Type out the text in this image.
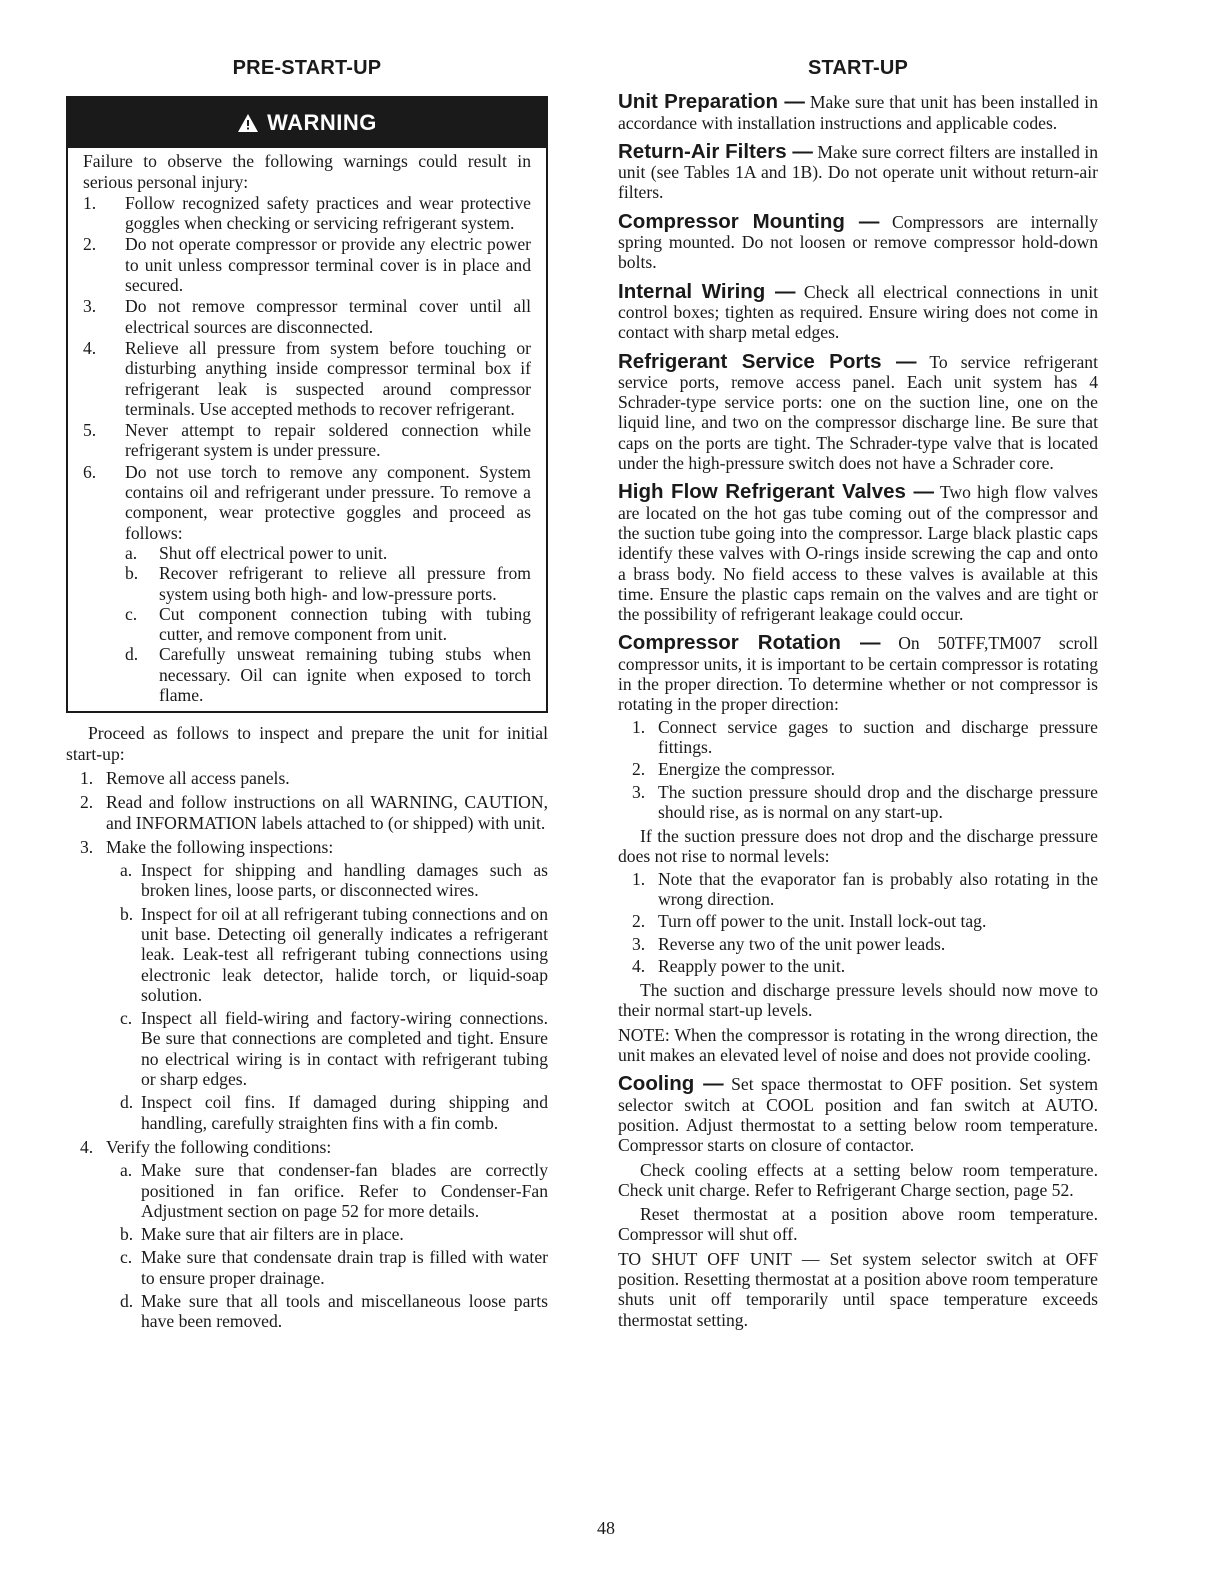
PRE-START-UP
WARNING

Failure to observe the following warnings could result in serious personal injury:

1. Follow recognized safety practices and wear protective goggles when checking or servicing refrigerant system.
2. Do not operate compressor or provide any electric power to unit unless compressor terminal cover is in place and secured.
3. Do not remove compressor terminal cover until all electrical sources are disconnected.
4. Relieve all pressure from system before touching or disturbing anything inside compressor terminal box if refrigerant leak is suspected around compressor terminals. Use accepted methods to recover refrigerant.
5. Never attempt to repair soldered connection while refrigerant system is under pressure.
6. Do not use torch to remove any component. System contains oil and refrigerant under pressure. To remove a component, wear protective goggles and proceed as follows:
a. Shut off electrical power to unit.
b. Recover refrigerant to relieve all pressure from system using both high- and low-pressure ports.
c. Cut component connection tubing with tubing cutter, and remove component from unit.
d. Carefully unsweat remaining tubing stubs when necessary. Oil can ignite when exposed to torch flame.

Proceed as follows to inspect and prepare the unit for initial start-up:

1. Remove all access panels.
2. Read and follow instructions on all WARNING, CAUTION, and INFORMATION labels attached to (or shipped) with unit.
3. Make the following inspections:
a. Inspect for shipping and handling damages such as broken lines, loose parts, or disconnected wires.
b. Inspect for oil at all refrigerant tubing connections and on unit base. Detecting oil generally indicates a refrigerant leak. Leak-test all refrigerant tubing connections using electronic leak detector, halide torch, or liquid-soap solution.
c. Inspect all field-wiring and factory-wiring connections. Be sure that connections are completed and tight. Ensure no electrical wiring is in contact with refrigerant tubing or sharp edges.
d. Inspect coil fins. If damaged during shipping and handling, carefully straighten fins with a fin comb.
4. Verify the following conditions:
a. Make sure that condenser-fan blades are correctly positioned in fan orifice. Refer to Condenser-Fan Adjustment section on page 52 for more details.
b. Make sure that air filters are in place.
c. Make sure that condensate drain trap is filled with water to ensure proper drainage.
d. Make sure that all tools and miscellaneous loose parts have been removed.
START-UP

Unit Preparation — Make sure that unit has been installed in accordance with installation instructions and applicable codes.

Return-Air Filters — Make sure correct filters are installed in unit (see Tables 1A and 1B). Do not operate unit without return-air filters.

Compressor Mounting — Compressors are internally spring mounted. Do not loosen or remove compressor hold-down bolts.

Internal Wiring — Check all electrical connections in unit control boxes; tighten as required. Ensure wiring does not come in contact with sharp metal edges.

Refrigerant Service Ports — To service refrigerant service ports, remove access panel. Each unit system has 4 Schrader-type service ports: one on the suction line, one on the liquid line, and two on the compressor discharge line. Be sure that caps on the ports are tight. The Schrader-type valve that is located under the high-pressure switch does not have a Schrader core.

High Flow Refrigerant Valves — Two high flow valves are located on the hot gas tube coming out of the compressor and the suction tube going into the compressor. Large black plastic caps identify these valves with O-rings inside screwing the cap and onto a brass body. No field access to these valves is available at this time. Ensure the plastic caps remain on the valves and are tight or the possibility of refrigerant leakage could occur.

Compressor Rotation — On 50TFF,TM007 scroll compressor units, it is important to be certain compressor is rotating in the proper direction. To determine whether or not compressor is rotating in the proper direction:

1. Connect service gages to suction and discharge pressure fittings.
2. Energize the compressor.
3. The suction pressure should drop and the discharge pressure should rise, as is normal on any start-up.

If the suction pressure does not drop and the discharge pressure does not rise to normal levels:

1. Note that the evaporator fan is probably also rotating in the wrong direction.
2. Turn off power to the unit. Install lock-out tag.
3. Reverse any two of the unit power leads.
4. Reapply power to the unit.

The suction and discharge pressure levels should now move to their normal start-up levels.

NOTE: When the compressor is rotating in the wrong direction, the unit makes an elevated level of noise and does not provide cooling.

Cooling — Set space thermostat to OFF position. Set system selector switch at COOL position and fan switch at AUTO. position. Adjust thermostat to a setting below room temperature. Compressor starts on closure of contactor.

Check cooling effects at a setting below room temperature. Check unit charge. Refer to Refrigerant Charge section, page 52.

Reset thermostat at a position above room temperature. Compressor will shut off.

TO SHUT OFF UNIT — Set system selector switch at OFF position. Resetting thermostat at a position above room temperature shuts unit off temporarily until space temperature exceeds thermostat setting.

48
